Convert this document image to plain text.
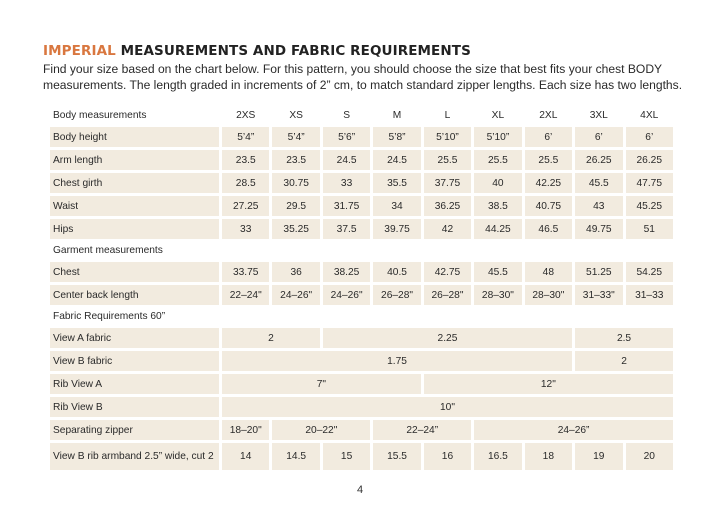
IMPERIAL MEASUREMENTS AND FABRIC REQUIREMENTS
Find your size based on the chart below. For this pattern, you should choose the size that best fits your chest BODY measurements. The length graded in increments of 2” cm, to match standard zipper lengths. Each size has two lengths.
Body measurements	2XS	XS	S	M	L	XL	2XL	3XL	4XL
Body height	5’4”	5’4”	5’6”	5’8”	5’10”	5’10”	6’	6’	6’
Arm length	23.5	23.5	24.5	24.5	25.5	25.5	25.5	26.25	26.25
Chest girth	28.5	30.75	33	35.5	37.75	40	42.25	45.5	47.75
Waist	27.25	29.5	31.75	34	36.25	38.5	40.75	43	45.25
Hips	33	35.25	37.5	39.75	42	44.25	46.5	49.75	51
Garment measurements									
Chest	33.75	36	38.25	40.5	42.75	45.5	48	51.25	54.25
Center back length	22–24"	24–26"	24–26"	26–28"	26–28"	28–30"	28–30"	31–33"	31–33
Fabric Requirements 60”									
View A fabric	2		2.25					2.5	
View B fabric	1.75							2	
Rib View A	7"				12"				
Rib View B	10"								
Separating zipper	18–20"	20–22"		22–24”		24–26”			
View B rib armband 2.5” wide, cut 2	14	14.5	15	15.5	16	16.5	18	19	20
4
